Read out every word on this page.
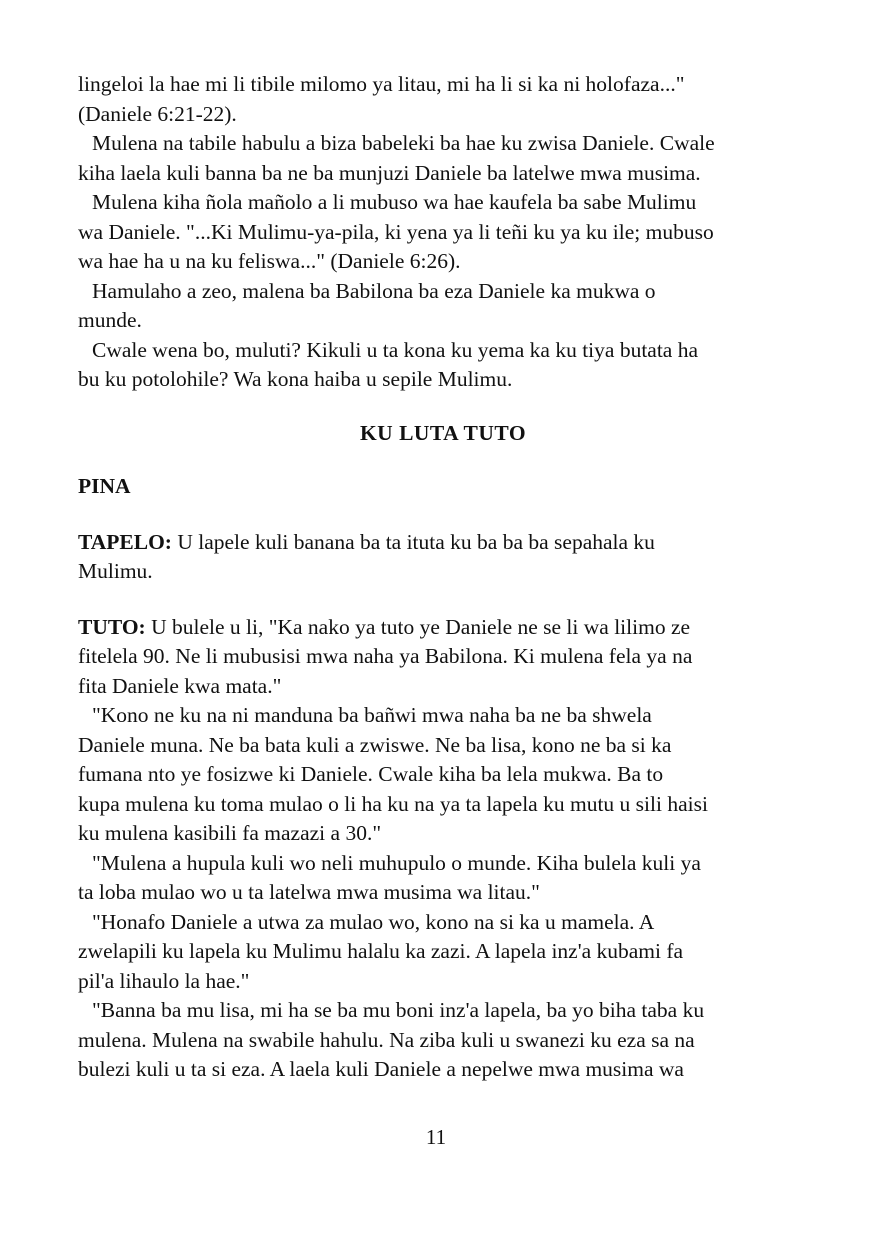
lingeloi la hae mi li tibile milomo ya litau, mi ha li si ka ni holofaza..."
(Daniele 6:21-22).
Mulena na tabile habulu a biza babeleki ba hae ku zwisa Daniele. Cwale
kiha laela kuli banna ba ne ba munjuzi Daniele ba latelwe mwa musima.
Mulena kiha ñola mañolo a li mubuso wa hae kaufela ba sabe Mulimu
wa Daniele. "...Ki Mulimu-ya-pila, ki yena ya li teñi ku ya ku ile; mubuso
wa hae ha u na ku feliswa..." (Daniele 6:26).
Hamulaho a zeo, malena ba Babilona ba eza Daniele ka mukwa o
munde.
Cwale wena bo, muluti? Kikuli u ta kona ku yema ka ku tiya butata ha
bu ku potolohile? Wa kona haiba u sepile Mulimu.
KU LUTA TUTO
PINA
TAPELO: U lapele kuli banana ba ta ituta ku ba ba ba sepahala ku
Mulimu.
TUTO: U bulele u li, "Ka nako ya tuto ye Daniele ne se li wa lilimo ze
fitelela 90. Ne li mubusisi mwa naha ya Babilona. Ki mulena fela ya na
fita Daniele kwa mata."
"Kono ne ku na ni manduna ba bañwi mwa naha ba ne ba shwela
Daniele muna. Ne ba bata kuli a zwiswe. Ne ba lisa, kono ne ba si ka
fumana nto ye fosizwe ki Daniele. Cwale kiha ba lela mukwa. Ba to
kupa mulena ku toma mulao o li ha ku na ya ta lapela ku mutu u sili haisi
ku mulena kasibili fa mazazi a 30."
"Mulena a hupula kuli wo neli muhupulo o munde. Kiha bulela kuli ya
ta loba mulao wo u ta latelwa mwa musima wa litau."
"Honafo Daniele a utwa za mulao wo, kono na si ka u mamela. A
zwelapili ku lapela ku Mulimu halalu ka zazi. A lapela inz'a kubami fa
pil'a lihaulo la hae."
"Banna ba mu lisa, mi ha se ba mu boni inz'a lapela, ba yo biha taba ku
mulena. Mulena na swabile hahulu. Na ziba kuli u swanezi ku eza sa na
bulezi kuli u ta si eza. A laela kuli Daniele a nepelwe mwa musima wa
11
